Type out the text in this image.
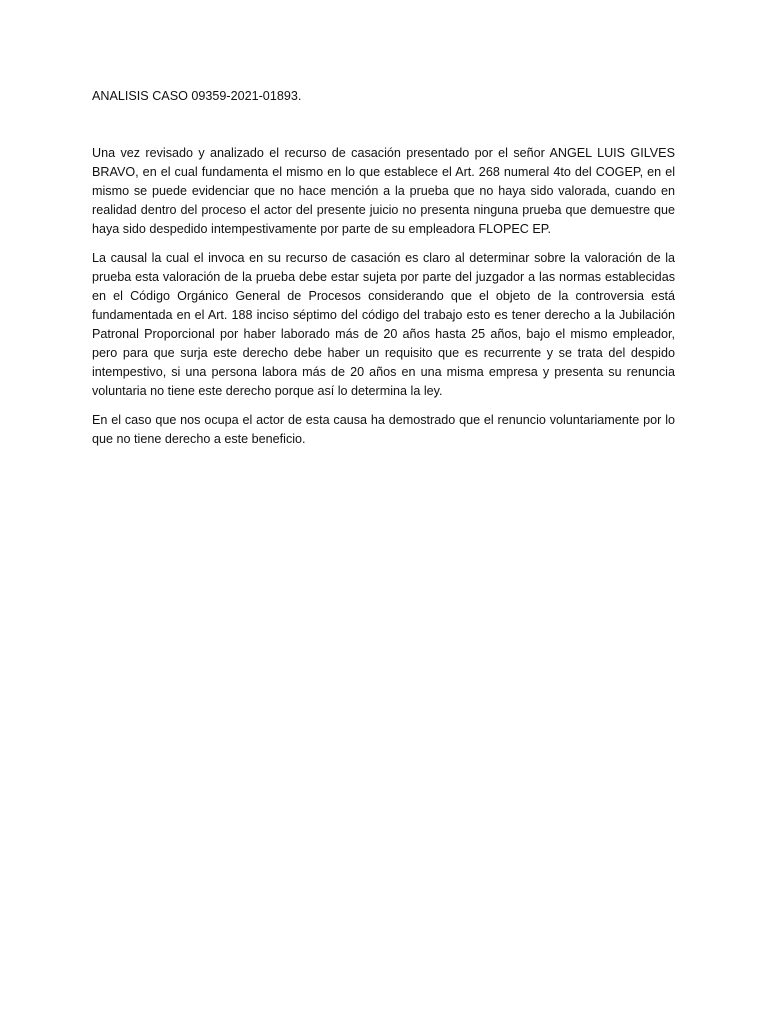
ANALISIS CASO 09359-2021-01893.

Una vez revisado y analizado el recurso de casación presentado por el señor ANGEL LUIS GILVES BRAVO, en el cual fundamenta el mismo en lo que establece el Art. 268 numeral 4to del COGEP, en el mismo se puede evidenciar que no hace mención a la prueba que no haya sido valorada, cuando en realidad dentro del proceso el actor del presente juicio no presenta ninguna prueba que demuestre que haya sido despedido intempestivamente por parte de su empleadora FLOPEC EP.

La causal la cual el invoca en su recurso de casación es claro al determinar sobre la valoración de la prueba esta valoración de la prueba debe estar sujeta por parte del juzgador a las normas establecidas en el Código Orgánico General de Procesos considerando que el objeto de la controversia está fundamentada en el Art. 188 inciso séptimo del código del trabajo esto es tener derecho a la Jubilación Patronal Proporcional por haber laborado más de 20 años hasta 25 años, bajo el mismo empleador, pero para que surja este derecho debe haber un requisito que es recurrente y se trata del despido intempestivo, si una persona labora más de 20 años en una misma empresa y presenta su renuncia voluntaria no tiene este derecho porque así lo determina la ley.

En el caso que nos ocupa el actor de esta causa ha demostrado que el renuncio voluntariamente por lo que no tiene derecho a este beneficio.
